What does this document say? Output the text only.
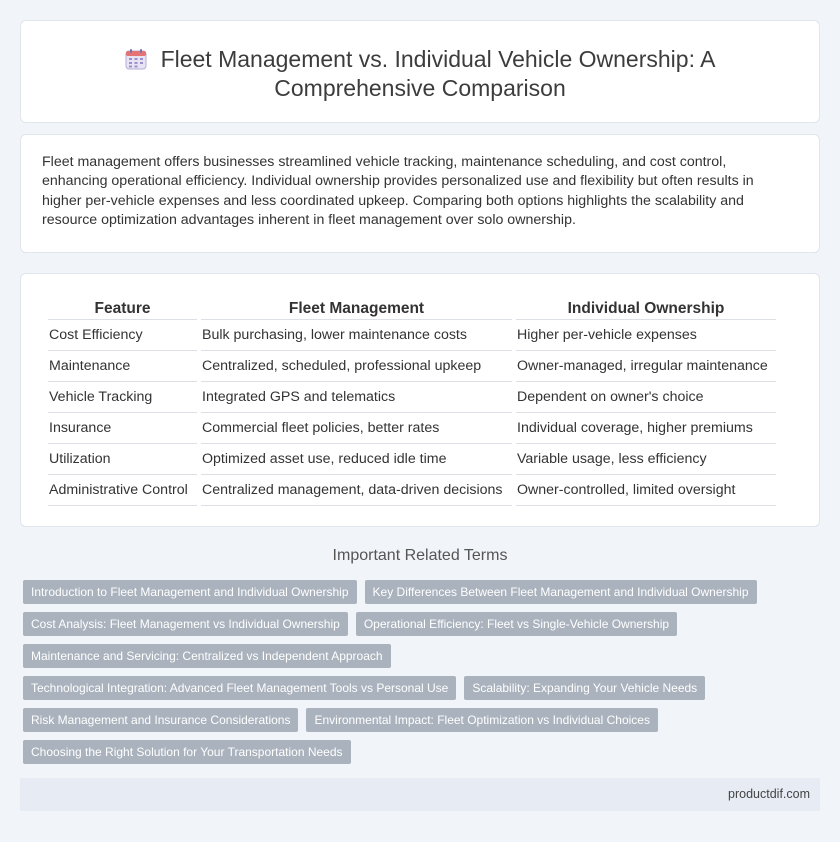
Fleet Management vs. Individual Vehicle Ownership: A Comprehensive Comparison

Fleet management offers businesses streamlined vehicle tracking, maintenance scheduling, and cost control, enhancing operational efficiency. Individual ownership provides personalized use and flexibility but often results in higher per-vehicle expenses and less coordinated upkeep. Comparing both options highlights the scalability and resource optimization advantages inherent in fleet management over solo ownership.

Feature	Fleet Management	Individual Ownership
Cost Efficiency	Bulk purchasing, lower maintenance costs	Higher per-vehicle expenses
Maintenance	Centralized, scheduled, professional upkeep	Owner-managed, irregular maintenance
Vehicle Tracking	Integrated GPS and telematics	Dependent on owner's choice
Insurance	Commercial fleet policies, better rates	Individual coverage, higher premiums
Utilization	Optimized asset use, reduced idle time	Variable usage, less efficiency
Administrative Control	Centralized management, data-driven decisions	Owner-controlled, limited oversight
Important Related Terms
Introduction to Fleet Management and Individual Ownership	Key Differences Between Fleet Management and Individual Ownership
Cost Analysis: Fleet Management vs Individual Ownership	Operational Efficiency: Fleet vs Single-Vehicle Ownership
Maintenance and Servicing: Centralized vs Independent Approach
Technological Integration: Advanced Fleet Management Tools vs Personal Use	Scalability: Expanding Your Vehicle Needs
Risk Management and Insurance Considerations	Environmental Impact: Fleet Optimization vs Individual Choices
Choosing the Right Solution for Your Transportation Needs
productdif.com
